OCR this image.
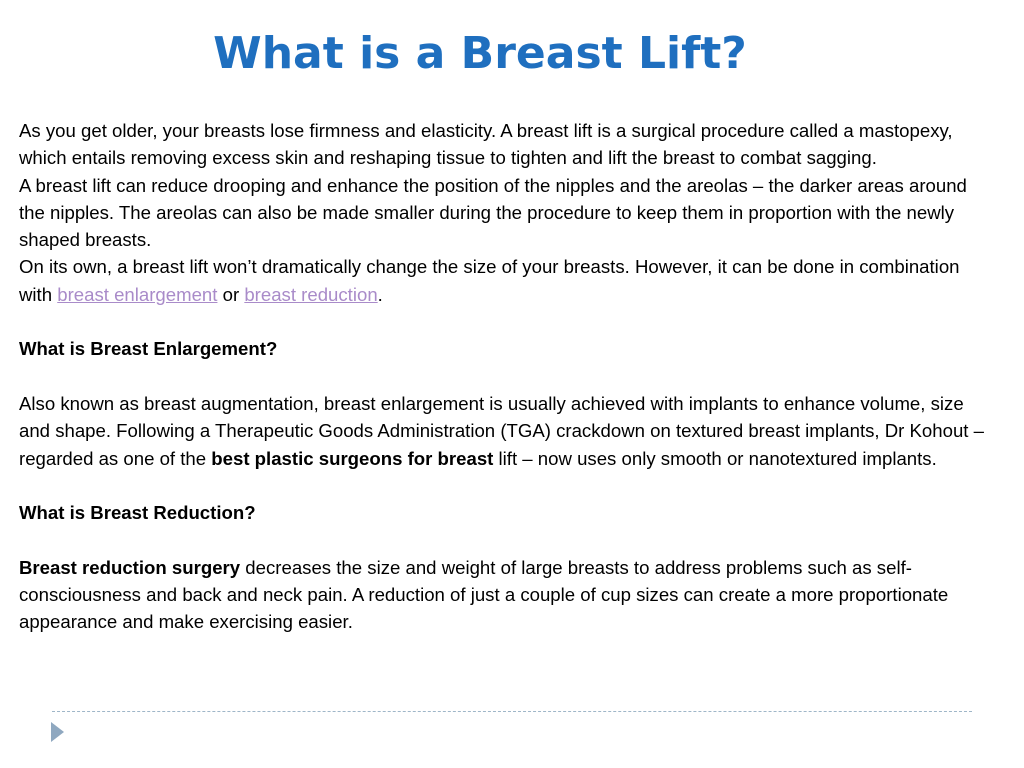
What is a Breast Lift?

As you get older, your breasts lose firmness and elasticity. A breast lift is a surgical procedure called a mastopexy, which entails removing excess skin and reshaping tissue to tighten and lift the breast to combat sagging.

A breast lift can reduce drooping and enhance the position of the nipples and the areolas – the darker areas around the nipples. The areolas can also be made smaller during the procedure to keep them in proportion with the newly shaped breasts.

On its own, a breast lift won’t dramatically change the size of your breasts. However, it can be done in combination with breast enlargement or breast reduction.

What is Breast Enlargement?

Also known as breast augmentation, breast enlargement is usually achieved with implants to enhance volume, size and shape. Following a Therapeutic Goods Administration (TGA) crackdown on textured breast implants, Dr Kohout – regarded as one of the best plastic surgeons for breast lift – now uses only smooth or nanotextured implants.

What is Breast Reduction?

Breast reduction surgery decreases the size and weight of large breasts to address problems such as self-consciousness and back and neck pain. A reduction of just a couple of cup sizes can create a more proportionate appearance and make exercising easier.
